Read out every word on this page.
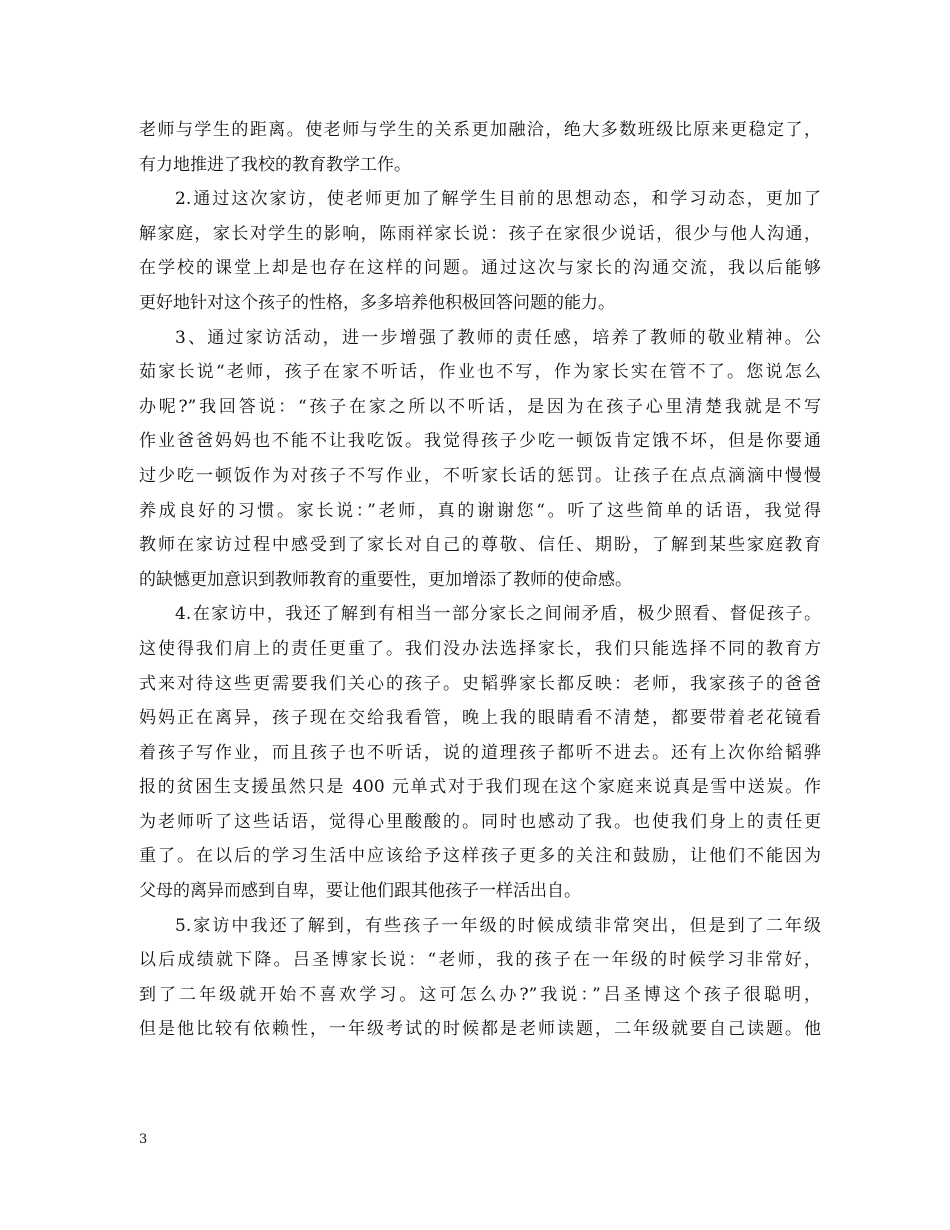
老师与学生的距离。使老师与学生的关系更加融洽，绝大多数班级比原来更稳定了，
有力地推进了我校的教育教学工作。
2.通过这次家访，使老师更加了解学生目前的思想动态，和学习动态，更加了
解家庭，家长对学生的影响，陈雨祥家长说：孩子在家很少说话，很少与他人沟通，
在学校的课堂上却是也存在这样的问题。通过这次与家长的沟通交流，我以后能够
更好地针对这个孩子的性格，多多培养他积极回答问题的能力。
3、通过家访活动，进一步增强了教师的责任感，培养了教师的敬业精神。公
茹家长说“老师，孩子在家不听话，作业也不写，作为家长实在管不了。您说怎么
办呢?”我回答说：“孩子在家之所以不听话，是因为在孩子心里清楚我就是不写
作业爸爸妈妈也不能不让我吃饭。我觉得孩子少吃一顿饭肯定饿不坏，但是你要通
过少吃一顿饭作为对孩子不写作业，不听家长话的惩罚。让孩子在点点滴滴中慢慢
养成良好的习惯。家长说：”老师，真的谢谢您“。听了这些简单的话语，我觉得
教师在家访过程中感受到了家长对自己的尊敬、信任、期盼，了解到某些家庭教育
的缺憾更加意识到教师教育的重要性，更加增添了教师的使命感。
4.在家访中，我还了解到有相当一部分家长之间闹矛盾，极少照看、督促孩子。
这使得我们肩上的责任更重了。我们没办法选择家长，我们只能选择不同的教育方
式来对待这些更需要我们关心的孩子。史韬骅家长都反映：老师，我家孩子的爸爸
妈妈正在离异，孩子现在交给我看管，晚上我的眼睛看不清楚，都要带着老花镜看
着孩子写作业，而且孩子也不听话，说的道理孩子都听不进去。还有上次你给韬骅
报的贫困生支援虽然只是 400 元单式对于我们现在这个家庭来说真是雪中送炭。作
为老师听了这些话语，觉得心里酸酸的。同时也感动了我。也使我们身上的责任更
重了。在以后的学习生活中应该给予这样孩子更多的关注和鼓励，让他们不能因为
父母的离异而感到自卑，要让他们跟其他孩子一样活出自。
5.家访中我还了解到，有些孩子一年级的时候成绩非常突出，但是到了二年级
以后成绩就下降。吕圣博家长说：“老师，我的孩子在一年级的时候学习非常好，
到了二年级就开始不喜欢学习。这可怎么办?”我说：”吕圣博这个孩子很聪明，
但是他比较有依赖性，一年级考试的时候都是老师读题，二年级就要自己读题。他
3
